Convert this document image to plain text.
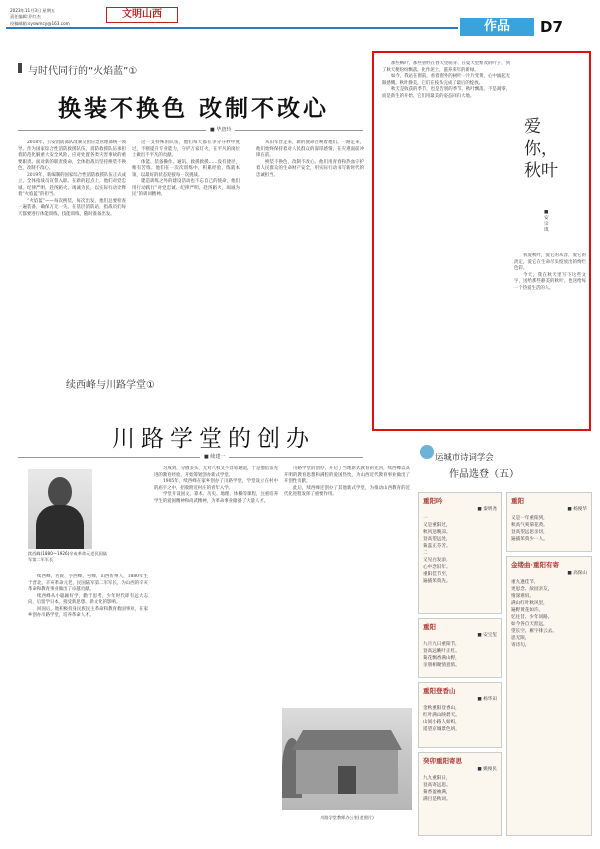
2023年11月3日 星期五
责任编辑:乔红杰
投稿邮箱:syswmcy@163.com
文明山西
作品	D7
与时代同行的“火焰蓝”①
换装不换色 改制不改心
■ 毕唐玲

2018年，公安消防部队改制交由应急管理部统一领导。作为国家综合性消防救援队伍，消防救援队伍承担着防范化解重大安全风险、应对处置各类灾害事故的重要职责。面对新的职责使命，全体指战员坚持换装不换色、改制不改心。

2019年，新编制的国家综合性消防救援队伍正式成立，全体指战员宣誓入职。在新的起点上，他们对党忠诚、纪律严明、赴汤蹈火、竭诚为民，以实际行动诠释着“火焰蓝”的担当。

“火焰蓝”——每次换装，每次出发，他们总要检查一遍装备，确保万无一失。在基层消防站，指战员们每天都要进行体能训练、技能训练，随时准备出发。

这一支特殊的队伍，他们每天都在争分夺秒中度过，不断提升专业能力，守护万家灯火，在平凡的岗位上做出不平凡的贡献。

体能、装备操作、通讯、救援救援……没有捷径，唯有苦练。他们在一次次训练中，积累经验，练就本领，以最好的状态迎接每一次挑战。

建造训练之外的建设活动也不忘自己的使命，他们用行动践行“对党忠诚、纪律严明、赴汤蹈火、竭诚为民”的训词精神。

从旧军营走来，新的使命召唤着他们。一路走来，他们始终保持着对人民群众的深厚感情，在灾难面前冲锋在前。

换装不换色，改制不改心。他们用青春和热血守护着人民群众的生命财产安全，用实际行动书写新时代的忠诚担当。

那些枫叶，那些曾经在春天里萌芽、在夏天里繁茂的叶子，到了秋天便纷纷飘落，化作泥土，滋养来年的新绿。

如今，我站在窗前，看着窗外的树叶一片片变黄，心中涌起无限感慨。秋叶静美，它们在枝头完成了最后的绽放。

秋天是收获的季节，也是告别的季节。秋叶飘落，不是凋零，而是新生的开始，它们用最美的姿态回归大地。

我爱秋叶，爱它的从容，爱它的淡定，爱它在生命尽头绽放出的绚烂色彩。

今天，我在秋天里写下这些文字，送给那些静美的秋叶，也送给每一个热爱生活的人。

爱你，秋叶
■ 安宗琪
续西峰与川路学堂①
川路学堂的创办
■ 续建一
续西峰(1880—1926)辛亥革命元老民国陆军第二军军长

续西峰，名锐，字西峰，号峰，山西忻州人，1880年生于晋北，辛亥革命元老，民国陆军第二军军长，为山西的辛亥革命和教育事业做出了卓越贡献。

续西峰从小聪颖好学，勤于思考，少年时代即有远大志向，后留学日本，接受新思想、新文化的影响。

回国后，他积极投身民族民主革命和教育救国事业，在家乡创办川路学堂，培养革命人才。

习成效，分散多头，无对八权文不容易通道，于是他借鉴先进的教育经验，开始筹划创办新式学堂。

1905年，续西峰在家乡创办了川路学堂，学堂设立在村中的庙宇之中，招收附近村庄的青年入学。

学堂开设国文、算术、历史、地理、体操等课程，注重培养学生的爱国精神和尚武精神，为革命事业储备了大量人才。

川路学堂的创办，开启了当地新式教育的先河，续西峰以其开明的教育思想和满腔的爱国热忱，为山西近代教育事业做出了开创性贡献。

此后，续西峰还创办了其他新式学堂，为推动山西教育的近代化进程发挥了重要作用。

川路学堂教师办公室(老照片)
运城市诗词学会
作品选登（五）
重阳吟
■ 秦明尧
一
又是重阳过，
秋风送晚凉。
登高望远处，
菊蕊正芬芳。
二
又见白发添，
心中念旧年。
重阳佳节至，
遍插茱萸先。
重阳
■ 安宝玺
九月九日重阳节，
登高远眺叶正红。
菊花飘香满山野，
亲朋相聚情意浓。
重阳登香山
■ 杨华田
金秋重阳登香山，
红叶满山映碧天。
山间小路人如织，
遥望京城景色妍。
癸卯重阳寄思
■ 姚俊民
九九重阳日，
登高寄远思。
菊香盈袖满，
满目是秋词。
重阳
■ 杨俊华
又是一年重阳到，
秋高气爽菊花黄。
登高望远思亲切，
遍插茱萸少一人。
金缕曲·重阳有寄
■ 高保山
重九逢佳节，
更思念、故园亲友，
情深难诉。
满山红叶秋风里，
遍野黄花如许。
忆往昔、少年同路。
如今各自天涯远，
望长空、雁字排云去。
思无限，
寄诗句。
